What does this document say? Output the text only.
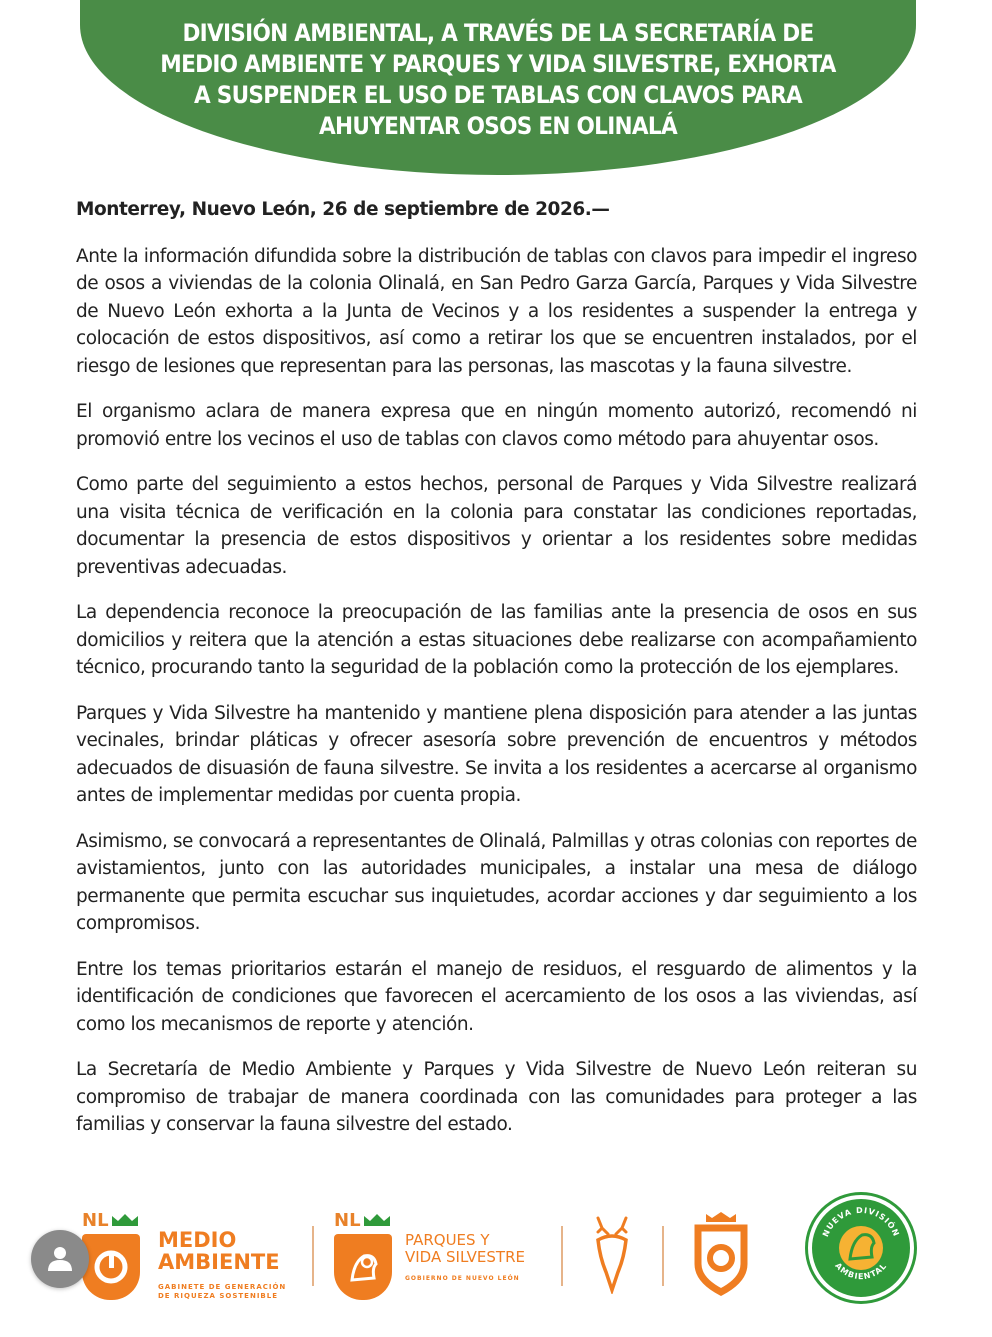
DIVISIÓN AMBIENTAL, A TRAVÉS DE LA SECRETARÍA DE
MEDIO AMBIENTE Y PARQUES Y VIDA SILVESTRE, EXHORTA
A SUSPENDER EL USO DE TABLAS CON CLAVOS PARA
AHUYENTAR OSOS EN OLINALÁ

Monterrey, Nuevo León, 26 de septiembre de 2026.—

Ante la información difundida sobre la distribución de tablas con clavos para impedir el ingreso de osos a viviendas de la colonia Olinalá, en San Pedro Garza García, Parques y Vida Silvestre de Nuevo León exhorta a la Junta de Vecinos y a los residentes a suspender la entrega y colocación de estos dispositivos, así como a retirar los que se encuentren instalados, por el riesgo de lesiones que representan para las personas, las mascotas y la fauna silvestre.

El organismo aclara de manera expresa que en ningún momento autorizó, recomendó ni promovió entre los vecinos el uso de tablas con clavos como método para ahuyentar osos.

Como parte del seguimiento a estos hechos, personal de Parques y Vida Silvestre realizará una visita técnica de verificación en la colonia para constatar las condiciones reportadas, documentar la presencia de estos dispositivos y orientar a los residentes sobre medidas preventivas adecuadas.

La dependencia reconoce la preocupación de las familias ante la presencia de osos en sus domicilios y reitera que la atención a estas situaciones debe realizarse con acompañamiento técnico, procurando tanto la seguridad de la población como la protección de los ejemplares.

Parques y Vida Silvestre ha mantenido y mantiene plena disposición para atender a las juntas vecinales, brindar pláticas y ofrecer asesoría sobre prevención de encuentros y métodos adecuados de disuasión de fauna silvestre. Se invita a los residentes a acercarse al organismo antes de implementar medidas por cuenta propia.

Asimismo, se convocará a representantes de Olinalá, Palmillas y otras colonias con reportes de avistamientos, junto con las autoridades municipales, a instalar una mesa de diálogo permanente que permita escuchar sus inquietudes, acordar acciones y dar seguimiento a los compromisos.

Entre los temas prioritarios estarán el manejo de residuos, el resguardo de alimentos y la identificación de condiciones que favorecen el acercamiento de los osos a las viviendas, así como los mecanismos de reporte y atención.

La Secretaría de Medio Ambiente y Parques y Vida Silvestre de Nuevo León reiteran su compromiso de trabajar de manera coordinada con las comunidades para proteger a las familias y conservar la fauna silvestre del estado.

NL
MEDIO
AMBIENTE
GABINETE DE GENERACIÓN
DE RIQUEZA SOSTENIBLE
NL
PARQUES Y
VIDA SILVESTRE
GOBIERNO DE NUEVO LEÓN
NUEVA DIVISIÓN
AMBIENTAL
